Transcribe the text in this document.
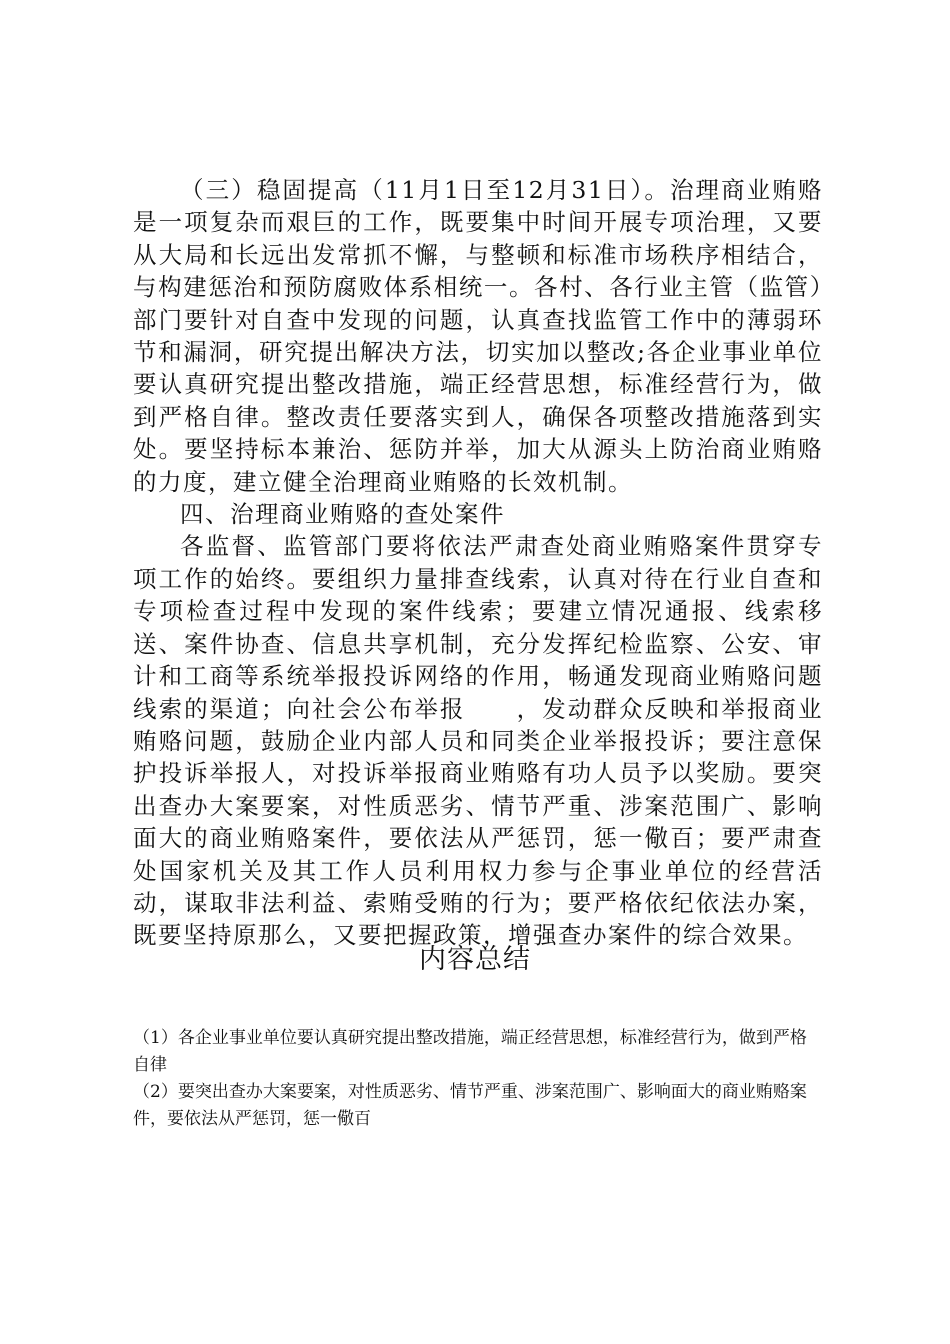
（三）稳固提高（11月1日至12月31日）。治理商业贿赂是一项复杂而艰巨的工作，既要集中时间开展专项治理，又要从大局和长远出发常抓不懈，与整顿和标准市场秩序相结合，与构建惩治和预防腐败体系相统一。各村、各行业主管（监管）部门要针对自查中发现的问题，认真查找监管工作中的薄弱环节和漏洞，研究提出解决方法，切实加以整改;各企业事业单位要认真研究提出整改措施，端正经营思想，标准经营行为，做到严格自律。整改责任要落实到人，确保各项整改措施落到实处。要坚持标本兼治、惩防并举，加大从源头上防治商业贿赂的力度，建立健全治理商业贿赂的长效机制。

四、治理商业贿赂的查处案件

各监督、监管部门要将依法严肃查处商业贿赂案件贯穿专项工作的始终。要组织力量排查线索，认真对待在行业自查和专项检查过程中发现的案件线索；要建立情况通报、线索移送、案件协查、信息共享机制，充分发挥纪检监察、公安、审计和工商等系统举报投诉网络的作用，畅通发现商业贿赂问题线索的渠道；向社会公布举报　　，发动群众反映和举报商业贿赂问题，鼓励企业内部人员和同类企业举报投诉；要注意保护投诉举报人，对投诉举报商业贿赂有功人员予以奖励。要突出查办大案要案，对性质恶劣、情节严重、涉案范围广、影响面大的商业贿赂案件，要依法从严惩罚，惩一儆百；要严肃查处国家机关及其工作人员利用权力参与企事业单位的经营活动，谋取非法利益、索贿受贿的行为；要严格依纪依法办案，既要坚持原那么，又要把握政策，增强查办案件的综合效果。

内容总结

（1）各企业事业单位要认真研究提出整改措施，端正经营思想，标准经营行为，做到严格自律

（2）要突出查办大案要案，对性质恶劣、情节严重、涉案范围广、影响面大的商业贿赂案件，要依法从严惩罚，惩一儆百
